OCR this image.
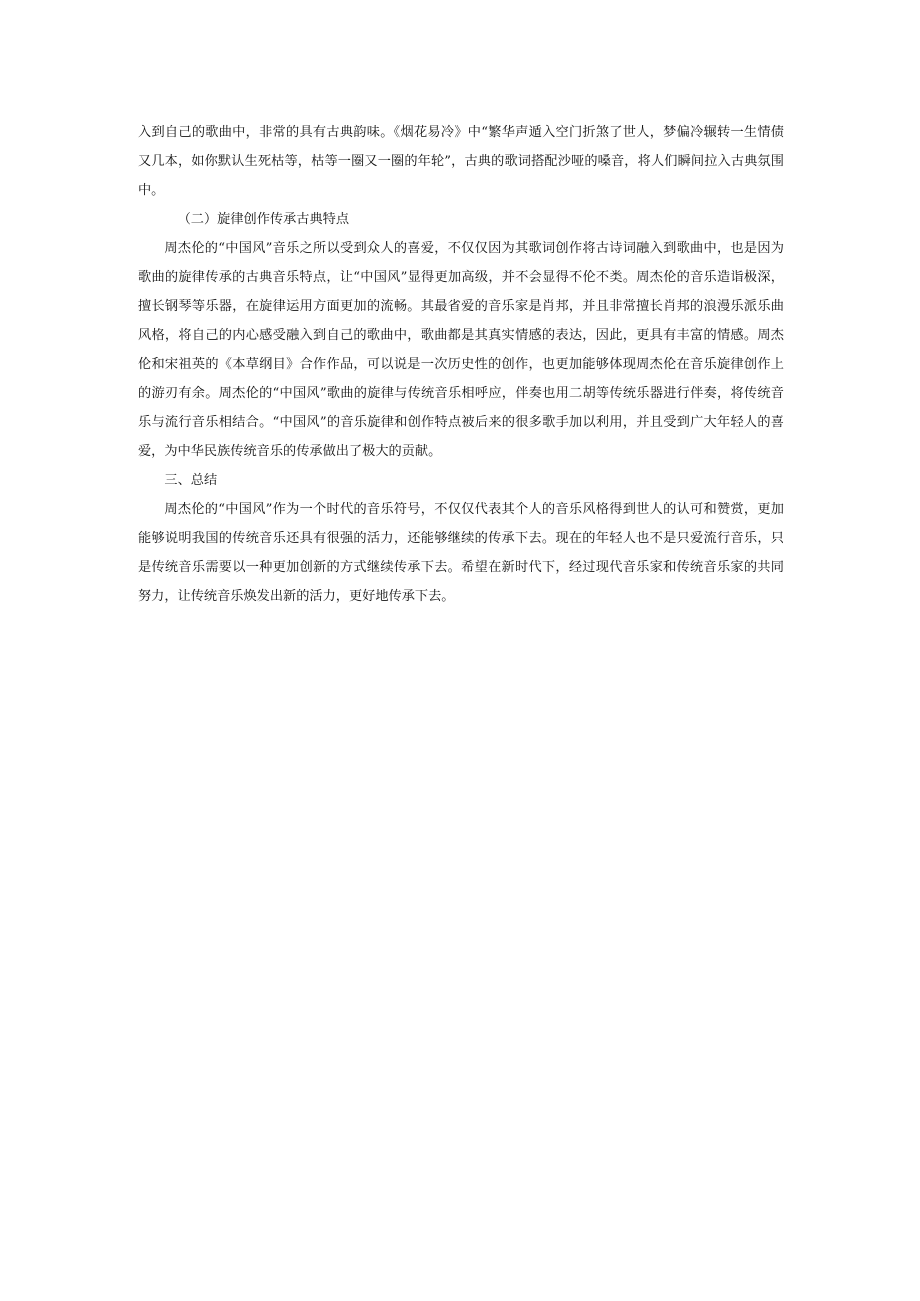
入到自己的歌曲中，非常的具有古典韵味。《烟花易冷》中“繁华声遁入空门折煞了世人，梦偏冷辗转一生情债又几本，如你默认生死枯等，枯等一圈又一圈的年轮”，古典的歌词搭配沙哑的嗓音，将人们瞬间拉入古典氛围中。

（二）旋律创作传承古典特点

周杰伦的“中国风”音乐之所以受到众人的喜爱，不仅仅因为其歌词创作将古诗词融入到歌曲中，也是因为歌曲的旋律传承的古典音乐特点，让“中国风”显得更加高级，并不会显得不伦不类。周杰伦的音乐造诣极深，擅长钢琴等乐器，在旋律运用方面更加的流畅。其最省爱的音乐家是肖邦，并且非常擅长肖邦的浪漫乐派乐曲风格，将自己的内心感受融入到自己的歌曲中，歌曲都是其真实情感的表达，因此，更具有丰富的情感。周杰伦和宋祖英的《本草纲目》合作作品，可以说是一次历史性的创作，也更加能够体现周杰伦在音乐旋律创作上的游刃有余。周杰伦的“中国风”歌曲的旋律与传统音乐相呼应，伴奏也用二胡等传统乐器进行伴奏，将传统音乐与流行音乐相结合。“中国风”的音乐旋律和创作特点被后来的很多歌手加以利用，并且受到广大年轻人的喜爱，为中华民族传统音乐的传承做出了极大的贡献。

三、总结

周杰伦的“中国风”作为一个时代的音乐符号，不仅仅代表其个人的音乐风格得到世人的认可和赞赏，更加能够说明我国的传统音乐还具有很强的活力，还能够继续的传承下去。现在的年轻人也不是只爱流行音乐，只是传统音乐需要以一种更加创新的方式继续传承下去。希望在新时代下，经过现代音乐家和传统音乐家的共同努力，让传统音乐焕发出新的活力，更好地传承下去。
